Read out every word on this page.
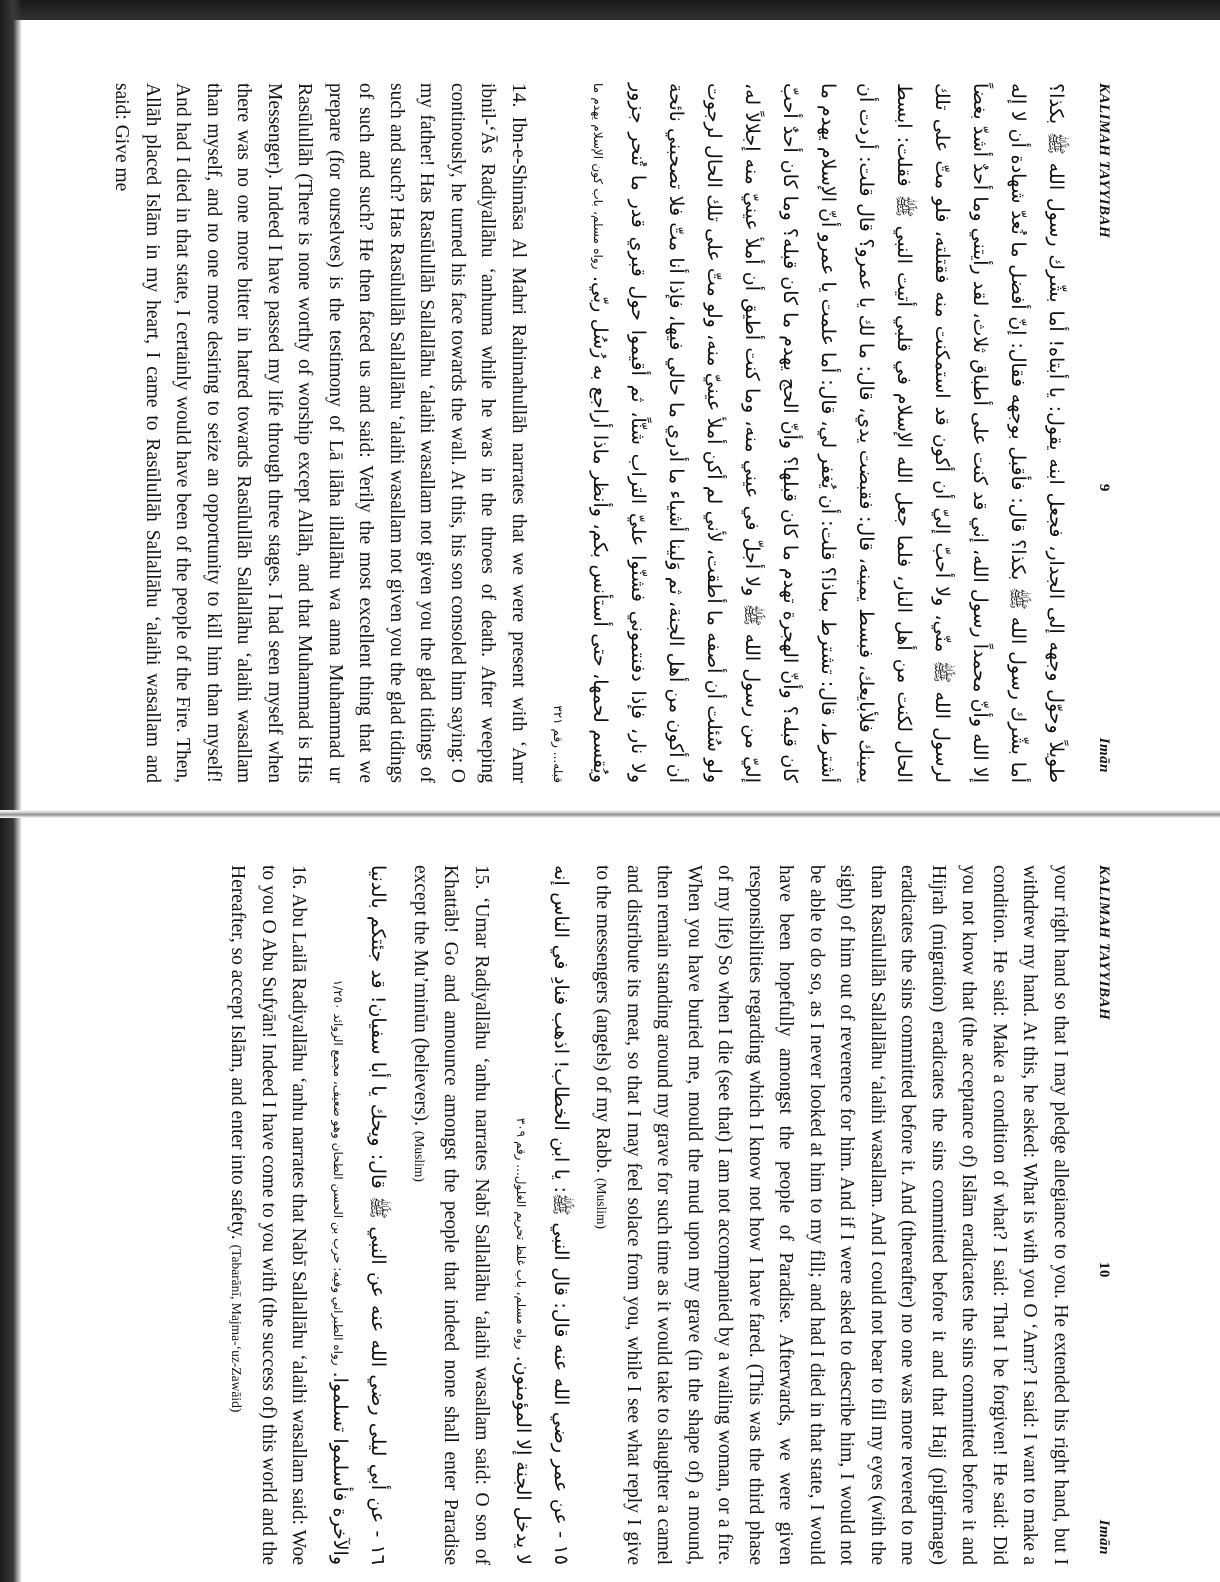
KALIMAH TAYYIBAH
9
Imān

طويلاً وحوّل وجهه إلى الجدار، فجعل ابنه يقول: يا أبتاه! أما بشّرك رسول الله ﷺ بكذا؟ أما بشّرك رسول الله ﷺ بكذا؟ قال: فأقبل بوجهه فقال: إنّ أفضل ما نُعدّ شهادة أن لا إله إلا الله وأنّ محمداً رسول الله، إني قد كنت على أطباق ثلاث، لقد رأيتني وما أحدٌ أشدّ بغضاً لرسول الله ﷺ منّي، ولا أحبّ إليّ أن أكون قد استمكنت منه فقتلته، فلو متّ على تلك الحال لكنت من أهل النار، فلما جعل الله الإسلام في قلبي أتيت النبي ﷺ فقلت: ابسط يمينك فلأبايعك، فبسط يمينه، قال: فقبضت يدي، قال: ما لك يا عمرو؟ قال قلت: أردت أن أشترط، قال: تشترط بماذا؟ قلت: أن يُغفر لي، قال: أما علمت يا عمرو أنّ الإسلام يهدم ما كان قبله؟ وأنّ الهجرة تهدم ما كان قبلها؟ وأنّ الحج يهدم ما كان قبله؟ وما كان أحدٌ أحبّ إليّ من رسول الله ﷺ ولا أجلّ في عيني منه، وما كنت أطيق أن أملأ عينيّ منه إجلالاً له، ولو سُئلت أن أصفه ما أطقت، لأني لم أكن أملأ عينيّ منه، ولو متّ على تلك الحال لرجوت أن أكون من أهل الجنة، ثم وَلينا أشياء ما أدري ما حالي فيها، فإذا أنا متّ فلا تصحبني نائحة ولا نار، فإذا دفنتموني فشنّوا عليّ التراب شنّاً، ثم أقيموا حول قبري قدر ما تُنحر جزور ويُقسم لحمها، حتى أستأنس بكم، وأنظر ماذا أراجع به رُسُل ربّي. رواه مسلم، باب كون الإسلام يهدم ما قبله... رقم ٣٢١

14. Ibn-e-Shimāsa Al Mahri Rahimahullāh narrates that we were present with ‘Amr ibnil-‘Ās Radiyallāhu ‘anhuma while he was in the throes of death. After weeping continously, he turned his face towards the wall. At this, his son consoled him saying: O my father! Has Rasūlullāh Sallallāhu ‘alaihi wasallam not given you the glad tidings of such and such? Has Rasūlullāh Sallallāhu ‘alaihi wasallam not given you the glad tidings of such and such? He then faced us and said: Verily the most excellent thing that we prepare (for ourselves) is the testimony of Lā ilāha illallāhu wa anna Muhammad ur Rasūlullāh (There is none worthy of worship except Allāh, and that Muhammad is His Messenger). Indeed I have passed my life through three stages. I had seen myself when there was no one more bitter in hatred towards Rasūlullāh Sallallāhu ‘alaihi wasallam than myself, and no one more desiring to seize an opportunity to kill him than myself! And had I died in that state, I certainly would have been of the people of the Fire. Then, Allāh placed Islām in my heart, I came to Rasūlullāh Sallallāhu ‘alaihi wasallam and said: Give me

KALIMAH TAYYIBAH
10
Imān

your right hand so that I may pledge allegiance to you. He extended his right hand, but I withdrew my hand. At this, he asked: What is with you O ‘Amr? I said: I want to make a condition. He said: Make a condition of what? I said: That I be forgiven! He said: Did you not know that (the acceptance of) Islām eradicates the sins committed before it and Hijrah (migration) eradicates the sins committed before it and that Hajj (pilgrimage) eradicates the sins committed before it. And (thereafter) no one was more revered to me than Rasūlullāh Sallallāhu ‘alaihi wasallam. And I could not bear to fill my eyes (with the sight) of him out of reverence for him. And if I were asked to describe him, I would not be able to do so, as I never looked at him to my fill; and had I died in that state, I would have been hopefully amongst the people of Paradise. Afterwards, we were given responsibilities regarding which I know not how I have fared. (This was the third phase of my life) So when I die (see that) I am not accompanied by a wailing woman, or a fire. When you have buried me, mould the mud upon my grave (in the shape of) a mound, then remain standing around my grave for such time as it would take to slaughter a camel and distribute its meat, so that I may feel solace from you, while I see what reply I give to the messengers (angels) of my Rabb. (Muslim)

١٥ - عن عمر رضي الله عنه قال: قال النبي ﷺ: يا ابن الخطاب! اذهب فنادِ في الناس إنه لا يدخل الجنة إلا المؤمنون. رواه مسلم، باب غلظ تحريم الغلول... رقم ٣٠٩

15. ‘Umar Radiyallāhu ‘anhu narrates Nabī Sallallāhu ‘alaihi wasallam said: O son of Khattāb! Go and announce amongst the people that indeed none shall enter Paradise except the Mu’minūn (believers). (Muslim)

١٦ - عن أبي ليلى رضي الله عنه عن النبي ﷺ قال: ويحك يا أبا سفيان! قد جئتكم بالدنيا والآخرة فأسلموا تسلموا. رواه الطبراني وفيه: حرب بن الحسن الطحان وهو ضعيف، مجمع الزوائد ١/٢٥٠

16. Abu Lailā Radiyallāhu ‘anhu narrates that Nabī Sallallāhu ‘alaihi wasallam said: Woe to you O Abu Sufyān! Indeed I have come to you with (the success of) this world and the Hereafter, so accept Islām, and enter into safety. (Tabarānī, Majma-‘uz-Zawāid)
